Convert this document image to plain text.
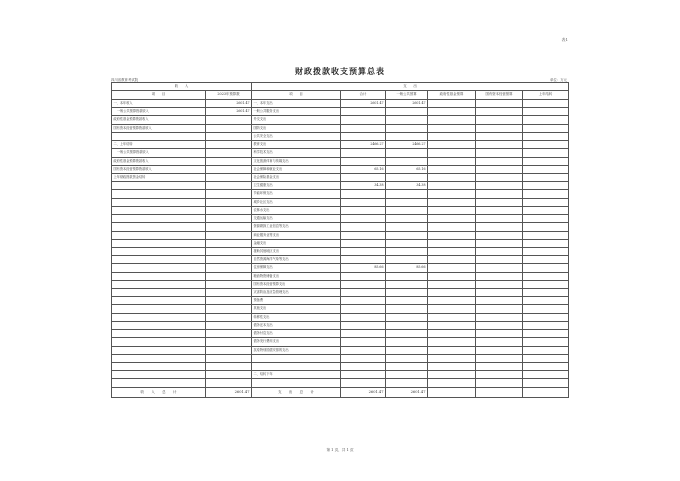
表1
财政拨款收支预算总表
四川省教育考试院	单位：万元
收　　入		支　　出					
项　　目	2023年预算数	项　　目	合计	一般公共预算	政府性基金预算	国有资本经营预算	上年结转
一、本年收入	2601.47	一、本年支出	2601.47	2601.47			
一般公共预算拨款收入	2601.47	一般公共服务支出					
政府性基金预算拨款收入		外交支出					
国有资本经营预算拨款收入		国防支出					
		公共安全支出					
二、上年结转		教育支出	2466.27	2466.27			
一般公共预算拨款收入		科学技术支出					
政府性基金预算拨款收入		文化旅游体育与传媒支出					
国有资本经营预算拨款收入		社会保障和就业支出	65.16	65.16			
上年财政拨款资金结转		社会保险基金支出					
		卫生健康支出	34.38	34.38			
		节能环保支出					
		城乡社区支出					
		农林水支出					
		交通运输支出					
		资源勘探工业信息等支出					
		商业服务业等支出					
		金融支出					
		援助其他地区支出					
		自然资源海洋气象等支出					
		住房保障支出	85.66	85.66			
		粮油物资储备支出					
		国有资本经营预算支出					
		灾害防治及应急管理支出					
		预备费					
		其他支出					
		转移性支出					
		债务还本支出					
		债务付息支出					
		债务发行费用支出					
		抗疫特别国债安排的支出					

		二、结转下年					

收　　入　　总　　计	2601.47	支　　出　　总　　计	2601.47	2601.47			
第 1 页，共 1 页
